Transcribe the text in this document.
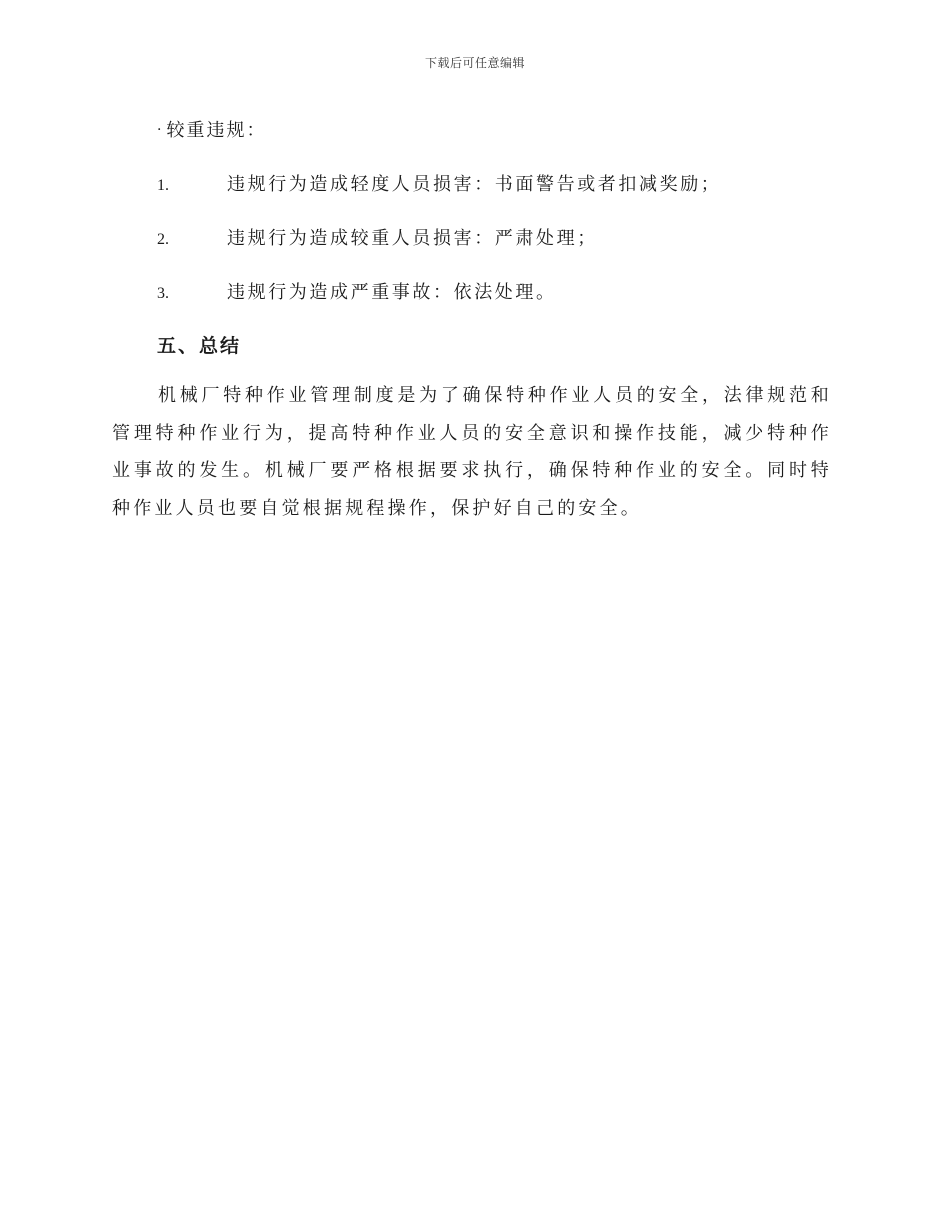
下载后可任意编辑
· 较重违规：
1.	违规行为造成轻度人员损害：书面警告或者扣减奖励；
2.	违规行为造成较重人员损害：严肃处理；
3.	违规行为造成严重事故：依法处理。
五、总结

机械厂特种作业管理制度是为了确保特种作业人员的安全，法律规范和管理特种作业行为，提高特种作业人员的安全意识和操作技能，减少特种作业事故的发生。机械厂要严格根据要求执行，确保特种作业的安全。同时特种作业人员也要自觉根据规程操作，保护好自己的安全。
